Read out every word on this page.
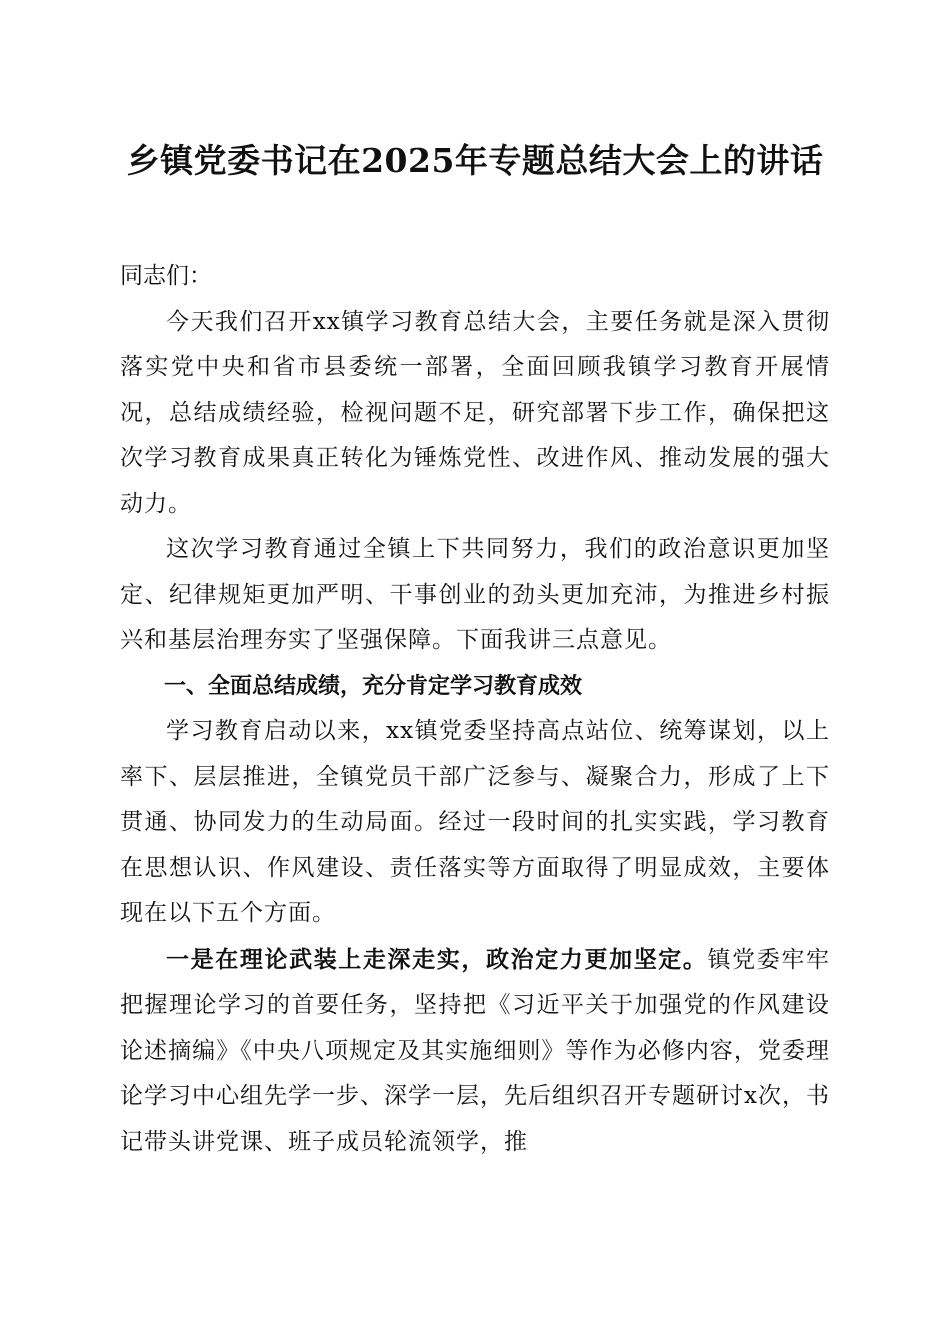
乡镇党委书记在2025年专题总结大会上的讲话

同志们：

今天我们召开xx镇学习教育总结大会，主要任务就是深入贯彻落实党中央和省市县委统一部署，全面回顾我镇学习教育开展情况，总结成绩经验，检视问题不足，研究部署下步工作，确保把这次学习教育成果真正转化为锤炼党性、改进作风、推动发展的强大动力。

这次学习教育通过全镇上下共同努力，我们的政治意识更加坚定、纪律规矩更加严明、干事创业的劲头更加充沛，为推进乡村振兴和基层治理夯实了坚强保障。下面我讲三点意见。

一、全面总结成绩，充分肯定学习教育成效

学习教育启动以来，xx镇党委坚持高点站位、统筹谋划，以上率下、层层推进，全镇党员干部广泛参与、凝聚合力，形成了上下贯通、协同发力的生动局面。经过一段时间的扎实实践，学习教育在思想认识、作风建设、责任落实等方面取得了明显成效，主要体现在以下五个方面。

一是在理论武装上走深走实，政治定力更加坚定。镇党委牢牢把握理论学习的首要任务，坚持把《习近平关于加强党的作风建设论述摘编》《中央八项规定及其实施细则》等作为必修内容，党委理论学习中心组先学一步、深学一层，先后组织召开专题研讨x次，书记带头讲党课、班子成员轮流领学，推
